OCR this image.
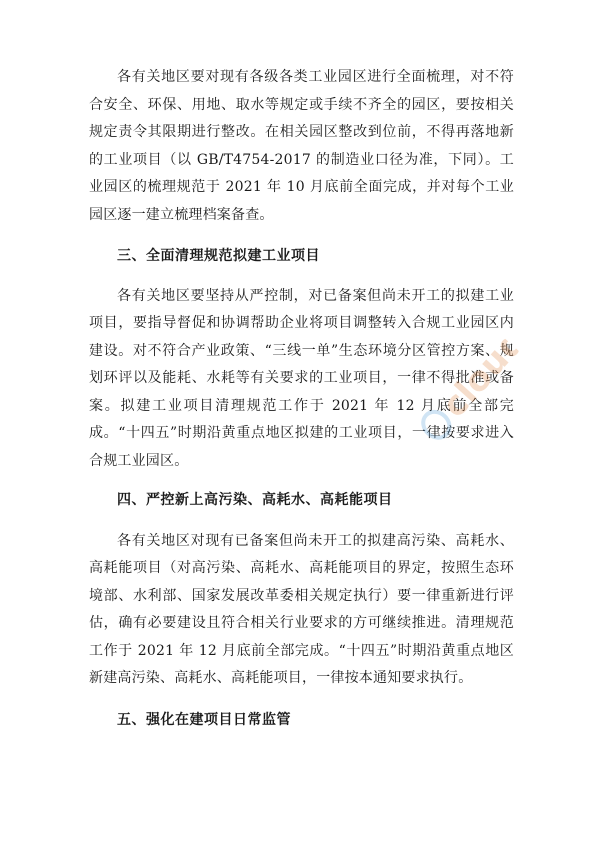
各有关地区要对现有各级各类工业园区进行全面梳理，对不符合安全、环保、用地、取水等规定或手续不齐全的园区，要按相关规定责令其限期进行整改。在相关园区整改到位前，不得再落地新的工业项目（以 GB/T4754-2017 的制造业口径为准，下同）。工业园区的梳理规范于 2021 年 10 月底前全面完成，并对每个工业园区逐一建立梳理档案备查。

三、全面清理规范拟建工业项目

各有关地区要坚持从严控制，对已备案但尚未开工的拟建工业项目，要指导督促和协调帮助企业将项目调整转入合规工业园区内建设。对不符合产业政策、“三线一单”生态环境分区管控方案、规划环评以及能耗、水耗等有关要求的工业项目，一律不得批准或备案。拟建工业项目清理规范工作于 2021 年 12 月底前全部完成。“十四五”时期沿黄重点地区拟建的工业项目，一律按要求进入合规工业园区。

四、严控新上高污染、高耗水、高耗能项目

各有关地区对现有已备案但尚未开工的拟建高污染、高耗水、高耗能项目（对高污染、高耗水、高耗能项目的界定，按照生态环境部、水利部、国家发展改革委相关规定执行）要一律重新进行评估，确有必要建设且符合相关行业要求的方可继续推进。清理规范工作于 2021 年 12 月底前全部完成。“十四五”时期沿黄重点地区新建高污染、高耗水、高耗能项目，一律按本通知要求执行。

五、强化在建项目日常监管

cloud
